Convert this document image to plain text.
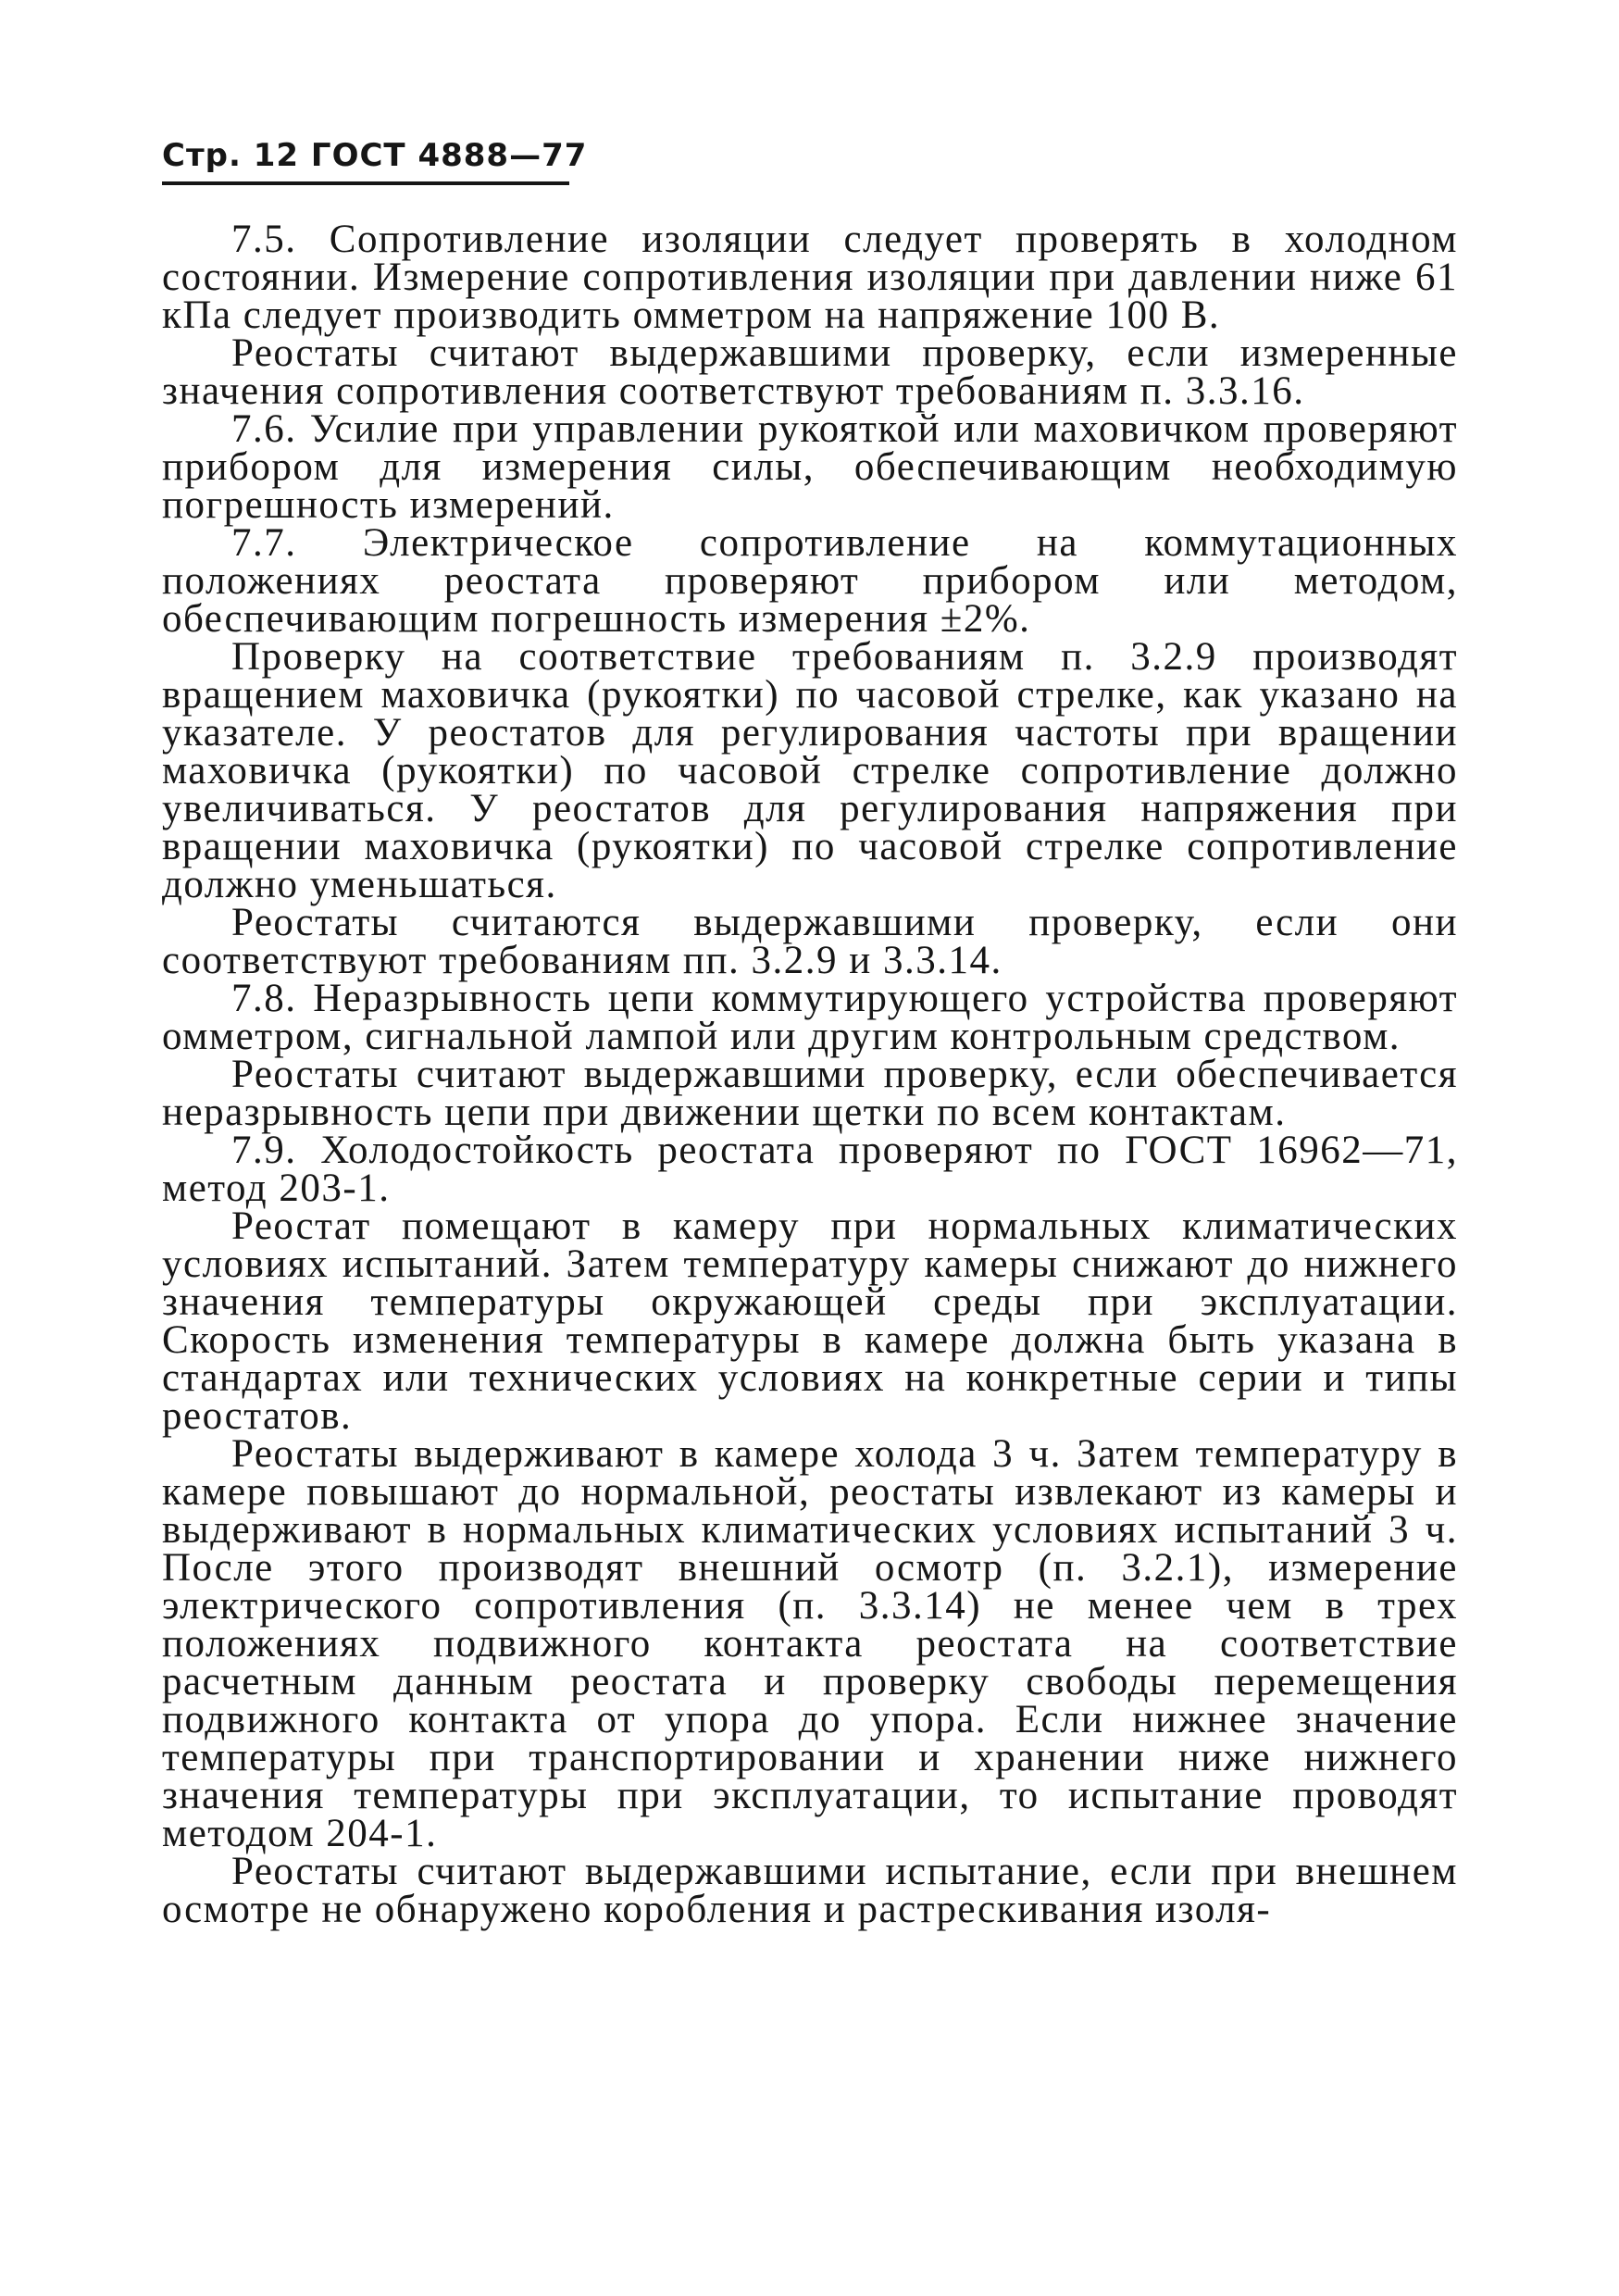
Стр. 12 ГОСТ 4888—77

7.5. Сопротивление изоляции следует проверять в холодном состоянии. Измерение сопротивления изоляции при давлении ниже 61 кПа следует производить омметром на напряжение 100 В.

Реостаты считают выдержавшими проверку, если измеренные значения сопротивления соответствуют требованиям п. 3.3.16.

7.6. Усилие при управлении рукояткой или маховичком проверяют прибором для измерения силы, обеспечивающим необходимую погрешность измерений.

7.7. Электрическое сопротивление на коммутационных положениях реостата проверяют прибором или методом, обеспечивающим погрешность измерения ±2%.

Проверку на соответствие требованиям п. 3.2.9 производят вращением маховичка (рукоятки) по часовой стрелке, как указано на указателе. У реостатов для регулирования частоты при вращении маховичка (рукоятки) по часовой стрелке сопротивление должно увеличиваться. У реостатов для регулирования напряжения при вращении маховичка (рукоятки) по часовой стрелке сопротивление должно уменьшаться.

Реостаты считаются выдержавшими проверку, если они соответствуют требованиям пп. 3.2.9 и 3.3.14.

7.8. Неразрывность цепи коммутирующего устройства проверяют омметром, сигнальной лампой или другим контрольным средством.

Реостаты считают выдержавшими проверку, если обеспечивается неразрывность цепи при движении щетки по всем контактам.

7.9. Холодостойкость реостата проверяют по ГОСТ 16962—71, метод 203-1.

Реостат помещают в камеру при нормальных климатических условиях испытаний. Затем температуру камеры снижают до нижнего значения температуры окружающей среды при эксплуатации. Скорость изменения температуры в камере должна быть указана в стандартах или технических условиях на конкретные серии и типы реостатов.

Реостаты выдерживают в камере холода 3 ч. Затем температуру в камере повышают до нормальной, реостаты извлекают из камеры и выдерживают в нормальных климатических условиях испытаний 3 ч. После этого производят внешний осмотр (п. 3.2.1), измерение электрического сопротивления (п. 3.3.14) не менее чем в трех положениях подвижного контакта реостата на соответствие расчетным данным реостата и проверку свободы перемещения подвижного контакта от упора до упора. Если нижнее значение температуры при транспортировании и хранении ниже нижнего значения температуры при эксплуатации, то испытание проводят методом 204-1.

Реостаты считают выдержавшими испытание, если при внешнем осмотре не обнаружено коробления и растрескивания изоля-
